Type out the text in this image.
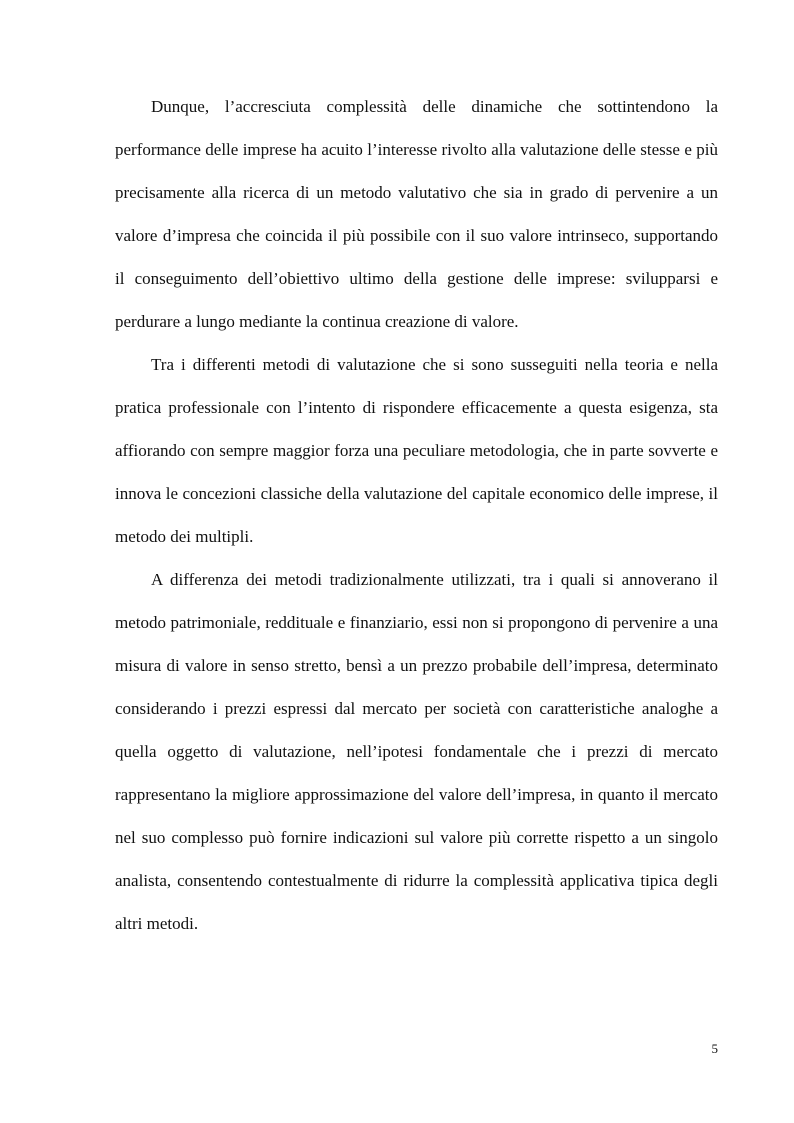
Dunque, l’accresciuta complessità delle dinamiche che sottintendono la performance delle imprese ha acuito l’interesse rivolto alla valutazione delle stesse e più precisamente alla ricerca di un metodo valutativo che sia in grado di pervenire a un valore d’impresa che coincida il più possibile con il suo valore intrinseco, supportando il conseguimento dell’obiettivo ultimo della gestione delle imprese: svilupparsi e perdurare a lungo mediante la continua creazione di valore.

Tra i differenti metodi di valutazione che si sono susseguiti nella teoria e nella pratica professionale con l’intento di rispondere efficacemente a questa esigenza, sta affiorando con sempre maggior forza una peculiare metodologia, che in parte sovverte e innova le concezioni classiche della valutazione del capitale economico delle imprese, il metodo dei multipli.

A differenza dei metodi tradizionalmente utilizzati, tra i quali si annoverano il metodo patrimoniale, reddituale e finanziario, essi non si propongono di pervenire a una misura di valore in senso stretto, bensì a un prezzo probabile dell’impresa, determinato considerando i prezzi espressi dal mercato per società con caratteristiche analoghe a quella oggetto di valutazione, nell’ipotesi fondamentale che i prezzi di mercato rappresentano la migliore approssimazione del valore dell’impresa, in quanto il mercato nel suo complesso può fornire indicazioni sul valore più corrette rispetto a un singolo analista, consentendo contestualmente di ridurre la complessità applicativa tipica degli altri metodi.

5
